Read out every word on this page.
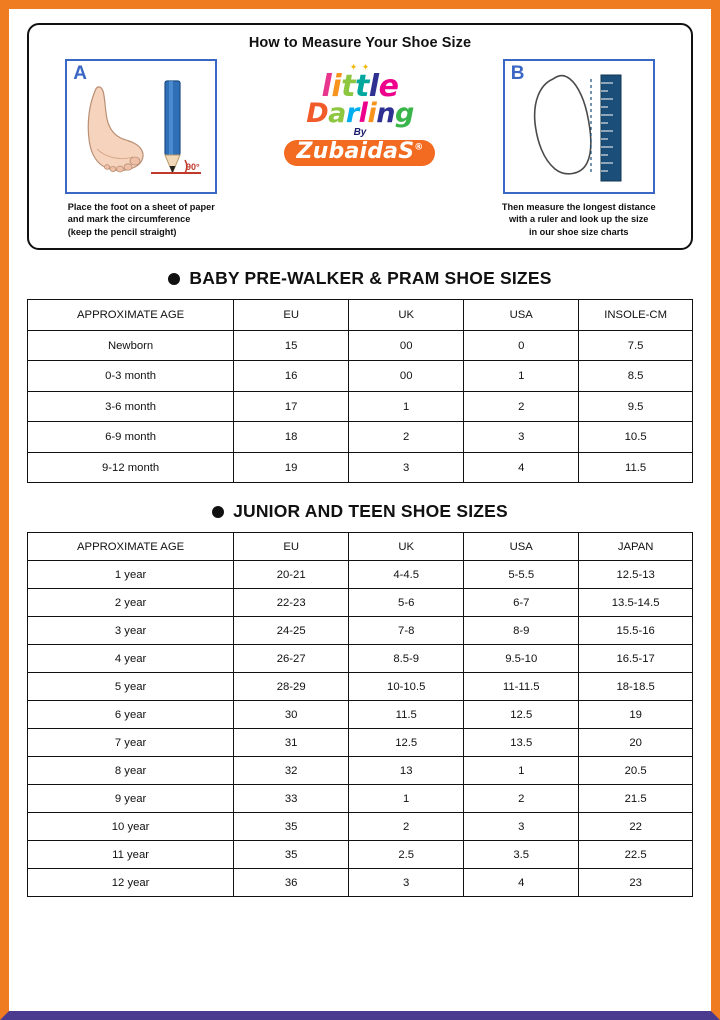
How to Measure Your Shoe Size
A
90°
Place the foot on a sheet of paper
and mark the circumference
(keep the pencil straight)
✦ ✦
little
Darling
By
ZubaidaS®
B
Then measure the longest distance
with a ruler and look up the size
in our shoe size charts
BABY PRE-WALKER & PRAM SHOE SIZES
APPROXIMATE AGE	EU	UK	USA	INSOLE-CM
Newborn	15	00	0	7.5
0-3 month	16	00	1	8.5
3-6 month	17	1	2	9.5
6-9 month	18	2	3	10.5
9-12 month	19	3	4	11.5
JUNIOR AND TEEN SHOE SIZES
APPROXIMATE AGE	EU	UK	USA	JAPAN
1 year	20-21	4-4.5	5-5.5	12.5-13
2 year	22-23	5-6	6-7	13.5-14.5
3 year	24-25	7-8	8-9	15.5-16
4 year	26-27	8.5-9	9.5-10	16.5-17
5 year	28-29	10-10.5	11-11.5	18-18.5
6 year	30	11.5	12.5	19
7 year	31	12.5	13.5	20
8 year	32	13	1	20.5
9 year	33	1	2	21.5
10 year	35	2	3	22
11 year	35	2.5	3.5	22.5
12 year	36	3	4	23
